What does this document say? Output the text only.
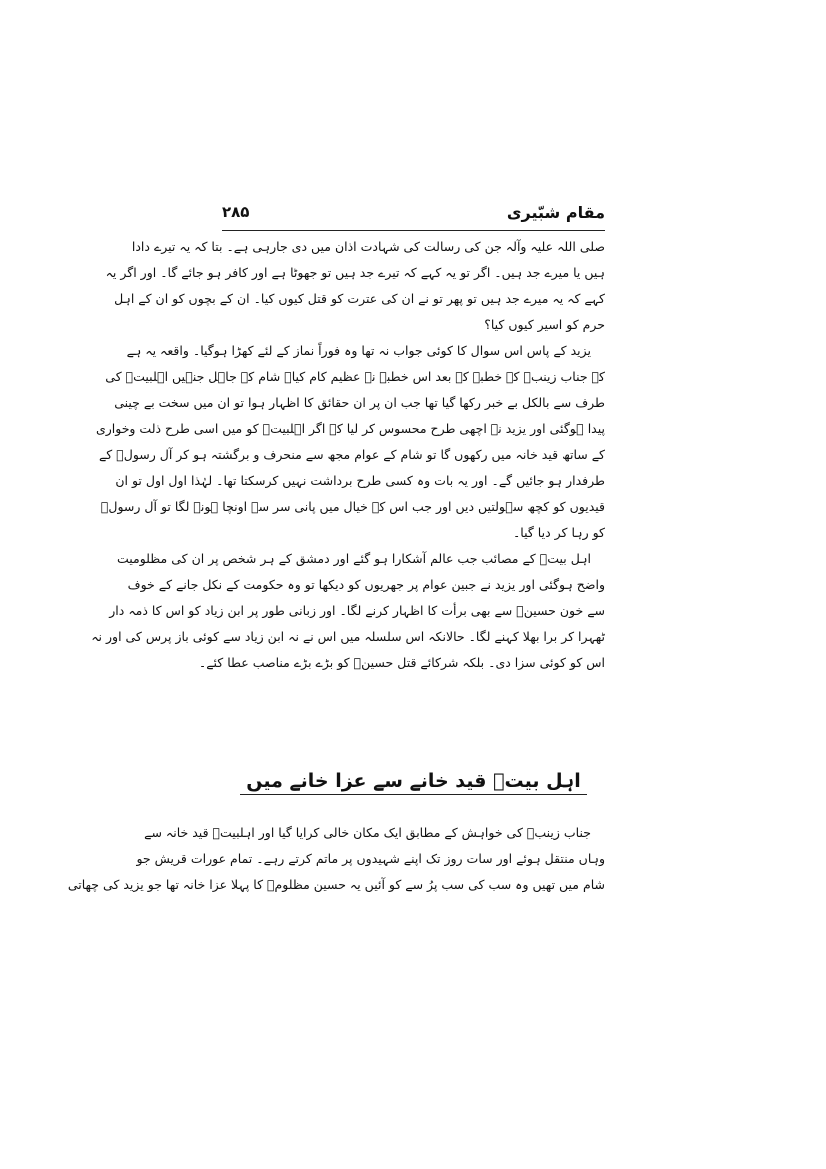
مقام شبّیری
۲۸۵
صلی اللہ علیہ وآلہ جن کی رسالت کی شہادت اذان میں دی جارہی ہے۔ بتا کہ یہ تیرے دادا
ہیں یا میرے جد ہیں۔ اگر تو یہ کہے کہ تیرے جد ہیں تو جھوٹا ہے اور کافر ہو جائے گا۔ اور اگر یہ
کہے کہ یہ میرے جد ہیں تو پھر تو نے ان کی عترت کو قتل کیوں کیا۔ ان کے بچوں کو ان کے اہل
حرم کو اسیر کیوں کیا؟
یزید کے پاس اس سوال کا کوئی جواب نہ تھا وہ فوراً نماز کے لئے کھڑا ہوگیا۔ واقعہ یہ ہے
کہ جناب زینبؑ کے خطبہ کے بعد اس خطبہ نے عظیم کام کیا۔ شام کے جاہل جنہیں اہلبیتؑ کی
طرف سے بالکل بے خبر رکھا گیا تھا جب ان پر ان حقائق کا اظہار ہوا تو ان میں سخت بے چینی
پیدا ہوگئی اور یزید نے اچھی طرح محسوس کر لیا کہ اگر اہلبیتؑ کو میں اسی طرح ذلت وخواری
کے ساتھ قید خانہ میں رکھوں گا تو شام کے عوام مجھ سے منحرف و برگشتہ ہو کر آل رسولؐ کے
طرفدار ہو جائیں گے۔ اور یہ بات وہ کسی طرح برداشت نہیں کرسکتا تھا۔ لہٰذا اول اول تو ان
قیدیوں کو کچھ سہولتیں دیں اور جب اس کے خیال میں پانی سر سے اونچا ہونے لگا تو آل رسولؐ
کو رہا کر دیا گیا۔
اہل بیتؑ کے مصائب جب عالم آشکارا ہو گئے اور دمشق کے ہر شخص پر ان کی مظلومیت
واضح ہوگئی اور یزید نے جبین عوام پر جھریوں کو دیکھا تو وہ حکومت کے نکل جانے کے خوف
سے خون حسینؑ سے بھی برأت کا اظہار کرنے لگا۔ اور زبانی طور پر ابن زیاد کو اس کا ذمہ دار
ٹھہرا کر برا بھلا کہنے لگا۔ حالانکہ اس سلسلہ میں اس نے نہ ابن زیاد سے کوئی باز پرس کی اور نہ
اس کو کوئی سزا دی۔ بلکہ شرکائے قتل حسینؑ کو بڑے بڑے مناصب عطا کئے۔
اہل بیتؑ قید خانے سے عزا خانے میں
جناب زینبؑ کی خواہش کے مطابق ایک مکان خالی کرایا گیا اور اہلبیتؑ قید خانہ سے
وہاں منتقل ہوئے اور سات روز تک اپنے شہیدوں پر ماتم کرتے رہے۔ تمام عورات قریش جو
شام میں تھیں وہ سب کی سب پرُ سے کو آئیں یہ حسین مظلومؑ کا پہلا عزا خانہ تھا جو یزید کی چھاتی
